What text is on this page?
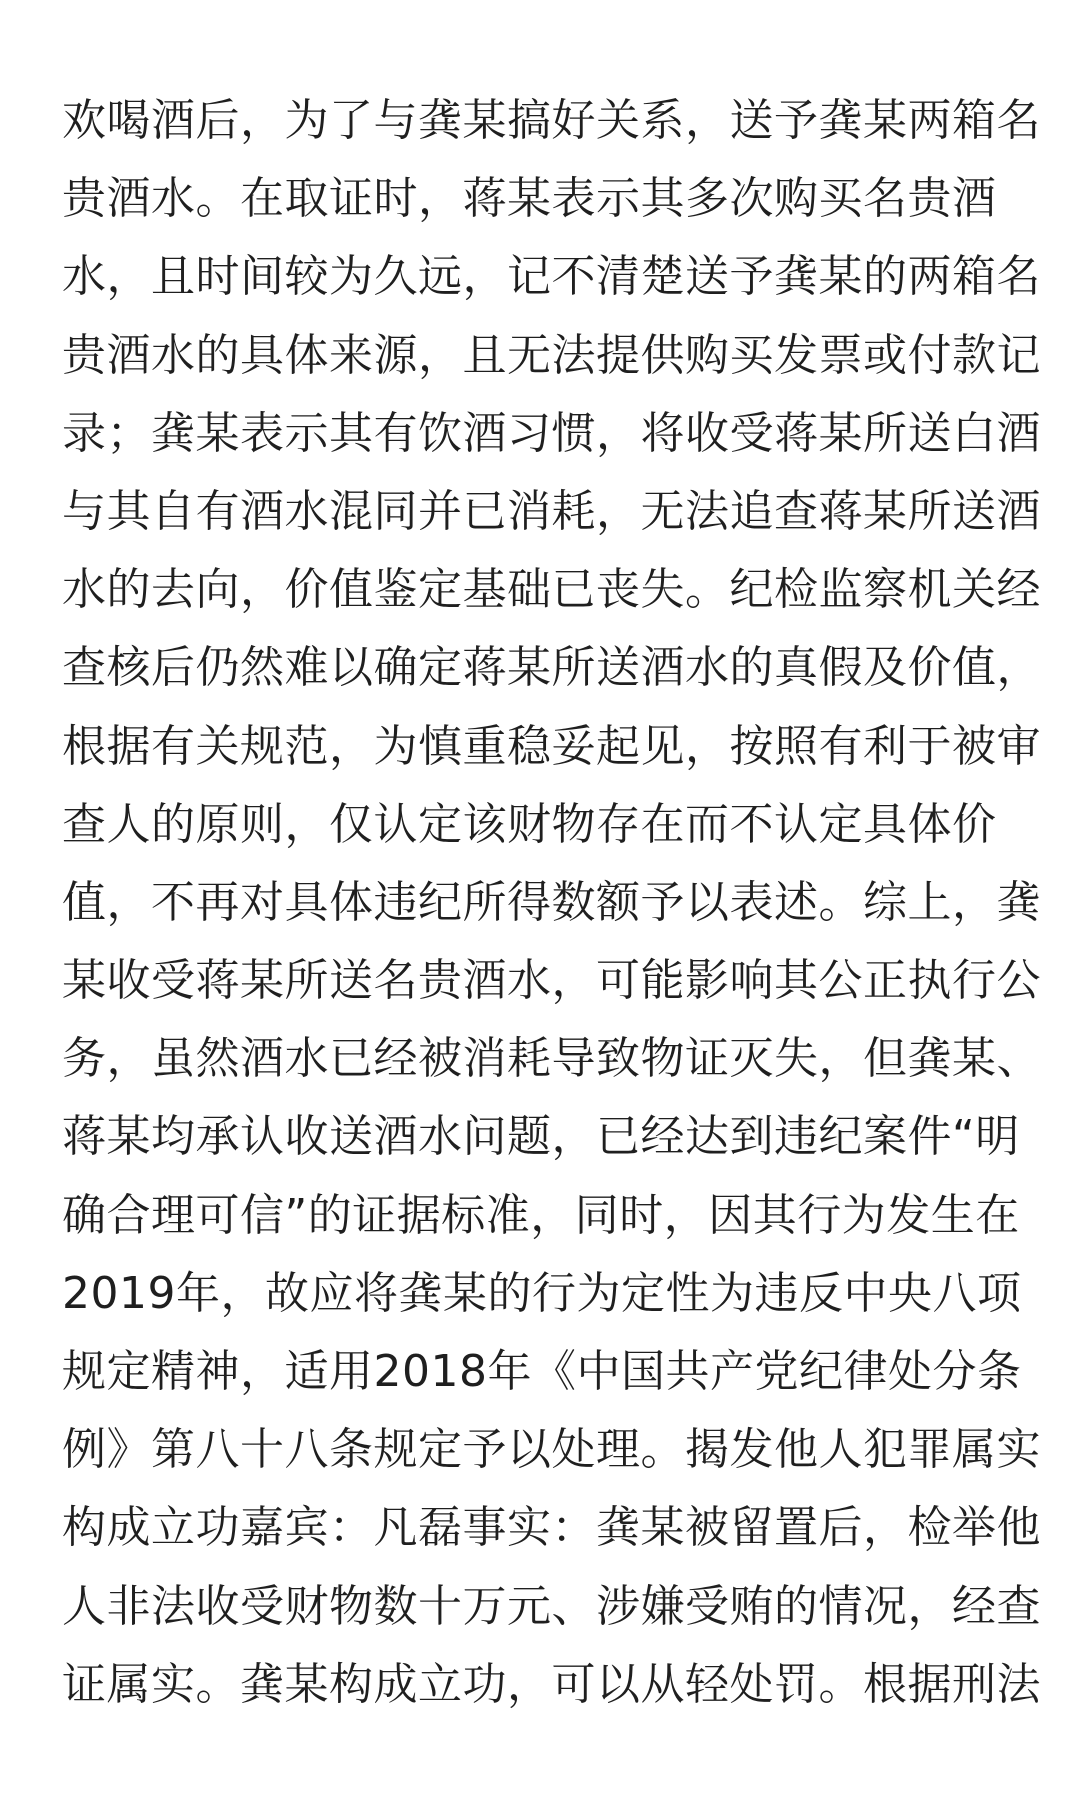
欢喝酒后，为了与龚某搞好关系，送予龚某两箱名
贵酒水。在取证时，蒋某表示其多次购买名贵酒
水，且时间较为久远，记不清楚送予龚某的两箱名
贵酒水的具体来源，且无法提供购买发票或付款记
录；龚某表示其有饮酒习惯，将收受蒋某所送白酒
与其自有酒水混同并已消耗，无法追查蒋某所送酒
水的去向，价值鉴定基础已丧失。纪检监察机关经
查核后仍然难以确定蒋某所送酒水的真假及价值，
根据有关规范，为慎重稳妥起见，按照有利于被审
查人的原则，仅认定该财物存在而不认定具体价
值，不再对具体违纪所得数额予以表述。综上，龚
某收受蒋某所送名贵酒水，可能影响其公正执行公
务，虽然酒水已经被消耗导致物证灭失，但龚某、
蒋某均承认收送酒水问题，已经达到违纪案件“明
确合理可信”的证据标准，同时，因其行为发生在
2019年，故应将龚某的行为定性为违反中央八项
规定精神，适用2018年《中国共产党纪律处分条
例》第八十八条规定予以处理。揭发他人犯罪属实
构成立功嘉宾：凡磊事实：龚某被留置后，检举他
人非法收受财物数十万元、涉嫌受贿的情况，经查
证属实。龚某构成立功，可以从轻处罚。根据刑法
